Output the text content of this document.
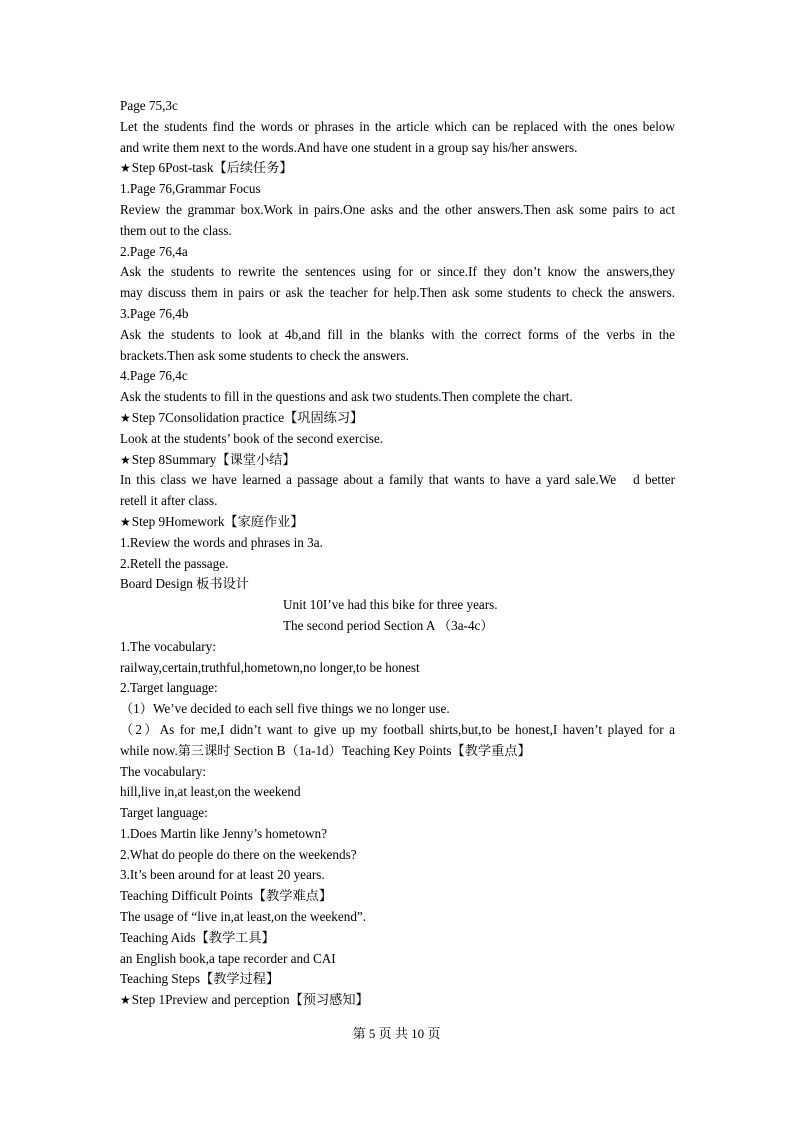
Page 75,3c
Let the students find the words or phrases in the article which can be replaced with the ones below
and write them next to the words.And have one student in a group say his/her answers.
★Step 6Post-task【后续任务】
1.Page 76,Grammar Focus
Review the grammar box.Work in pairs.One asks and the other answers.Then ask some pairs to act
them out to the class.
2.Page 76,4a
Ask the students to rewrite the sentences using for or since.If they don’t know the answers,they
may discuss them in pairs or ask the teacher for help.Then ask some students to check the answers.
3.Page 76,4b
Ask the students to look at 4b,and fill in the blanks with the correct forms of the verbs in the
brackets.Then ask some students to check the answers.
4.Page 76,4c
Ask the students to fill in the questions and ask two students.Then complete the chart.
★Step 7Consolidation practice【巩固练习】
Look at the students’ book of the second exercise.
★Step 8Summary【课堂小结】
In this class we have learned a passage about a family that wants to have a yard sale.We　d better
retell it after class.
★Step 9Homework【家庭作业】
1.Review the words and phrases in 3a.
2.Retell the passage.
Board Design 板书设计
Unit 10I’ve had this bike for three years.
The second period Section A （3a-4c）
1.The vocabulary:
railway,certain,truthful,hometown,no longer,to be honest
2.Target language:
（1）We’ve decided to each sell five things we no longer use.
（2）As for me,I didn’t want to give up my football shirts,but,to be honest,I haven’t played for a
while now.第三课时 Section B（1a-1d）Teaching Key Points【教学重点】
The vocabulary:
hill,live in,at least,on the weekend
Target language:
1.Does Martin like Jenny’s hometown?
2.What do people do there on the weekends?
3.It’s been around for at least 20 years.
Teaching Difficult Points【教学难点】
The usage of “live in,at least,on the weekend”.
Teaching Aids【教学工具】
an English book,a tape recorder and CAI
Teaching Steps【教学过程】
★Step 1Preview and perception【预习感知】
第 5 页 共 10 页
